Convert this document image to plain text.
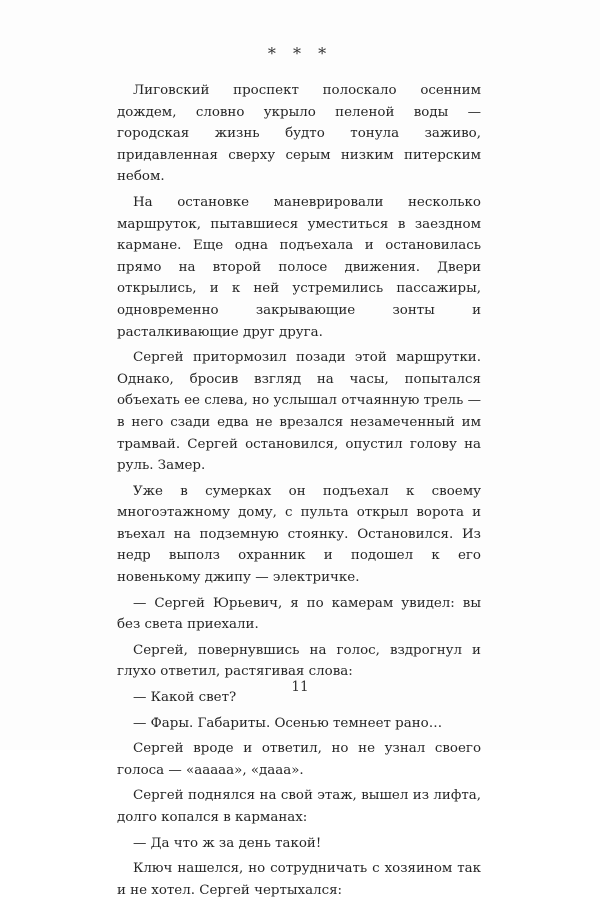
* * *

Лиговский проспект полоскало осенним дождем, словно укрыло пеленой воды — городская жизнь будто тонула заживо, придавленная сверху серым низким питерским небом.

На остановке маневрировали несколько маршруток, пытавшиеся уместиться в заездном кармане. Еще одна подъехала и остановилась прямо на второй полосе движения. Двери открылись, и к ней устремились пассажиры, одновременно закрывающие зонты и расталкивающие друг друга.

Сергей притормозил позади этой маршрутки. Однако, бросив взгляд на часы, попытался объехать ее слева, но услышал отчаянную трель — в него сзади едва не врезался незамеченный им трамвай. Сергей остановился, опустил голову на руль. Замер.

Уже в сумерках он подъехал к своему многоэтажному дому, с пульта открыл ворота и въехал на подземную стоянку. Остановился. Из недр выполз охранник и подошел к его новенькому джипу — электричке.

— Сергей Юрьевич, я по камерам увидел: вы без света приехали.

Сергей, повернувшись на голос, вздрогнул и глухо ответил, растягивая слова:

— Какой свет?

— Фары. Габариты. Осенью темнеет рано…

Сергей вроде и ответил, но не узнал своего голоса — «ааааа», «дааа».

Сергей поднялся на свой этаж, вышел из лифта, долго копался в карманах:

— Да что ж за день такой!

Ключ нашелся, но сотрудничать с хозяином так и не хотел. Сергей чертыхался:

11
